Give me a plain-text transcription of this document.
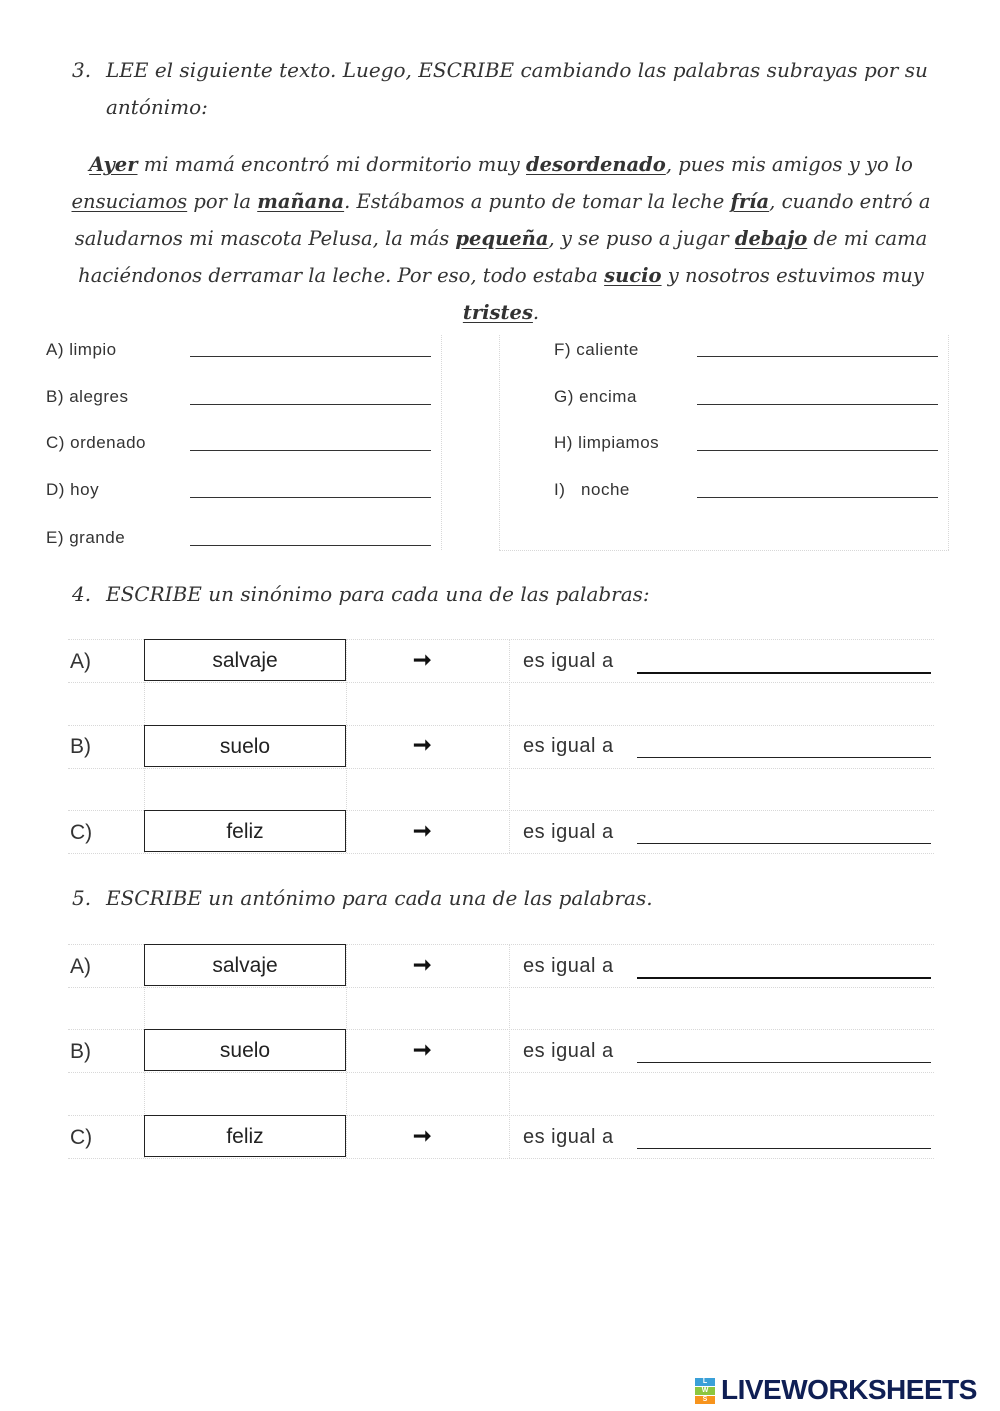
3. LEE el siguiente texto. Luego, ESCRIBE cambiando las palabras subrayas por su
antónimo:
Ayer mi mamá encontró mi dormitorio muy desordenado, pues mis amigos y yo lo ensuciamos por la mañana. Estábamos a punto de tomar la leche fría, cuando entró a saludarnos mi mascota Pelusa, la más pequeña, y se puso a jugar debajo de mi cama haciéndonos derramar la leche. Por eso, todo estaba sucio y nosotros estuvimos muy
tristes.
A) limpio
B) alegres
C) ordenado
D) hoy
E) grande
F) caliente
G) encima
H) limpiamos
I)   noche
4. ESCRIBE un sinónimo para cada una de las palabras:
A)	salvaje	➞	es igual a
B)	suelo	➞	es igual a
C)	feliz	➞	es igual a
5. ESCRIBE un antónimo para cada una de las palabras.
A)	salvaje	➞	es igual a
B)	suelo	➞	es igual a
C)	feliz	➞	es igual a
L
W
S LIVEWORKSHEETS
